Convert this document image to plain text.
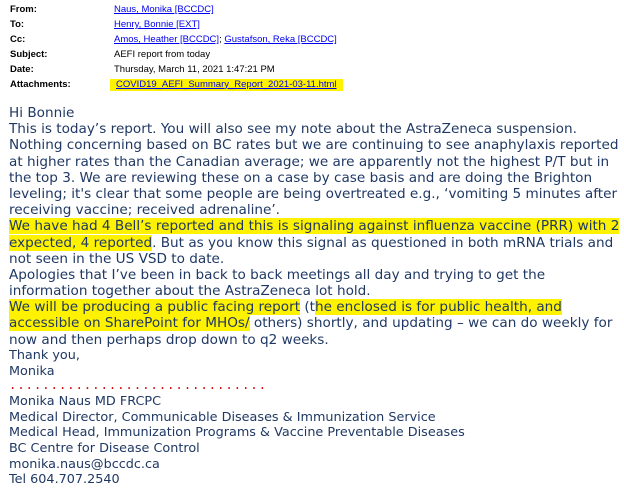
From:	Naus, Monika [BCCDC]
To:	Henry, Bonnie [EXT]
Cc:	Amos, Heather [BCCDC] ; Gustafson, Reka [BCCDC]
Subject:	AEFI report from today
Date:	Thursday, March 11, 2021 1:47:21 PM
Attachments:	COVID19_AEFI_Summary_Report_2021-03-11.html
Hi Bonnie
This is today’s report. You will also see my note about the AstraZeneca suspension.
Nothing concerning based on BC rates but we are continuing to see anaphylaxis reported
at higher rates than the Canadian average; we are apparently not the highest P/T but in
the top 3. We are reviewing these on a case by case basis and are doing the Brighton
leveling; it's clear that some people are being overtreated e.g., ‘vomiting 5 minutes after
receiving vaccine; received adrenaline’.
We have had 4 Bell’s reported and this is signaling against influenza vaccine (PRR) with 2
expected, 4 reported. But as you know this signal as questioned in both mRNA trials and
not seen in the US VSD to date.
Apologies that I’ve been in back to back meetings all day and trying to get the
information together about the AstraZeneca lot hold.
We will be producing a public facing report (the enclosed is for public health, and
accessible on SharePoint for MHOs/ others) shortly, and updating – we can do weekly for
now and then perhaps drop down to q2 weeks.
Thank you,
Monika
...............................
Monika Naus MD FRCPC
Medical Director, Communicable Diseases & Immunization Service
Medical Head, Immunization Programs & Vaccine Preventable Diseases
BC Centre for Disease Control
monika.naus@bccdc.ca
Tel 604.707.2540
